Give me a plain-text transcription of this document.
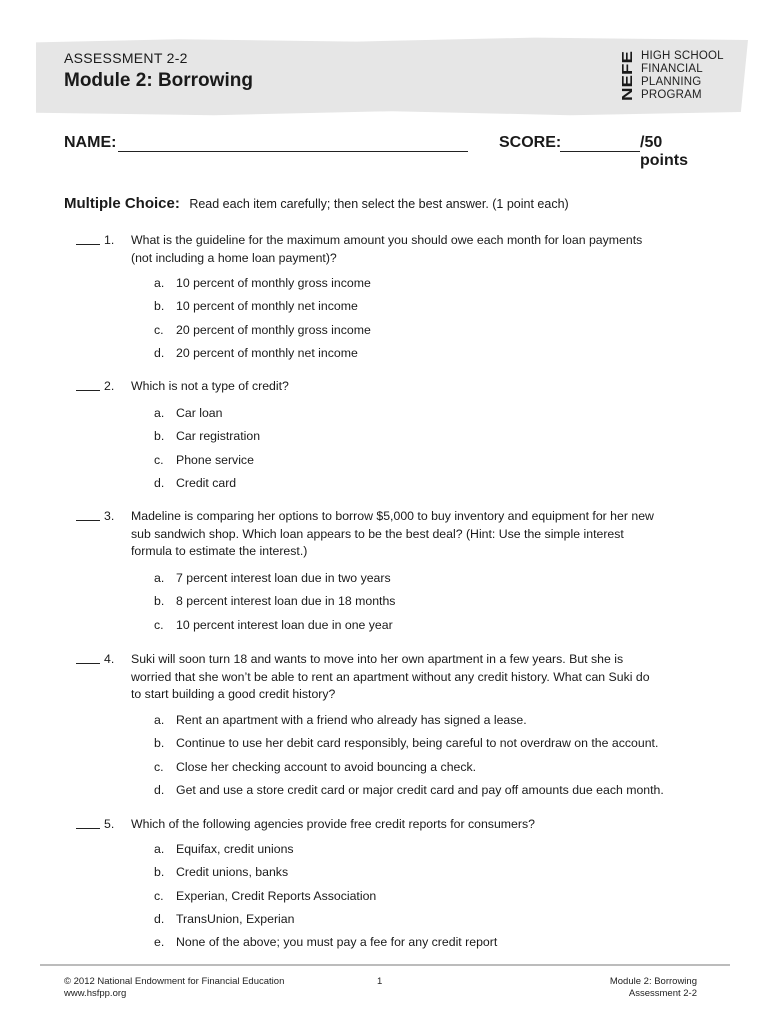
ASSESSMENT 2-2
Module 2: Borrowing	NEFE
HIGH SCHOOL
FINANCIAL
PLANNING
PROGRAM
NAME:	SCORE:	/50 points
Multiple Choice: Read each item carefully; then select the best answer. (1 point each)
1. What is the guideline for the maximum amount you should owe each month for loan payments
(not including a home loan payment)?
a. 10 percent of monthly gross income
b. 10 percent of monthly net income
c. 20 percent of monthly gross income
d. 20 percent of monthly net income
2. Which is not a type of credit?
a. Car loan
b. Car registration
c. Phone service
d. Credit card
3. Madeline is comparing her options to borrow $5,000 to buy inventory and equipment for her new
sub sandwich shop. Which loan appears to be the best deal? (Hint: Use the simple interest
formula to estimate the interest.)
a. 7 percent interest loan due in two years
b. 8 percent interest loan due in 18 months
c. 10 percent interest loan due in one year
4. Suki will soon turn 18 and wants to move into her own apartment in a few years. But she is
worried that she won’t be able to rent an apartment without any credit history. What can Suki do
to start building a good credit history?
a. Rent an apartment with a friend who already has signed a lease.
b. Continue to use her debit card responsibly, being careful to not overdraw on the account.
c. Close her checking account to avoid bouncing a check.
d. Get and use a store credit card or major credit card and pay off amounts due each month.
5. Which of the following agencies provide free credit reports for consumers?
a. Equifax, credit unions
b. Credit unions, banks
c. Experian, Credit Reports Association
d. TransUnion, Experian
e. None of the above; you must pay a fee for any credit report
© 2012 National Endowment for Financial Education
www.hsfpp.org
1	Module 2: Borrowing
Assessment 2-2
